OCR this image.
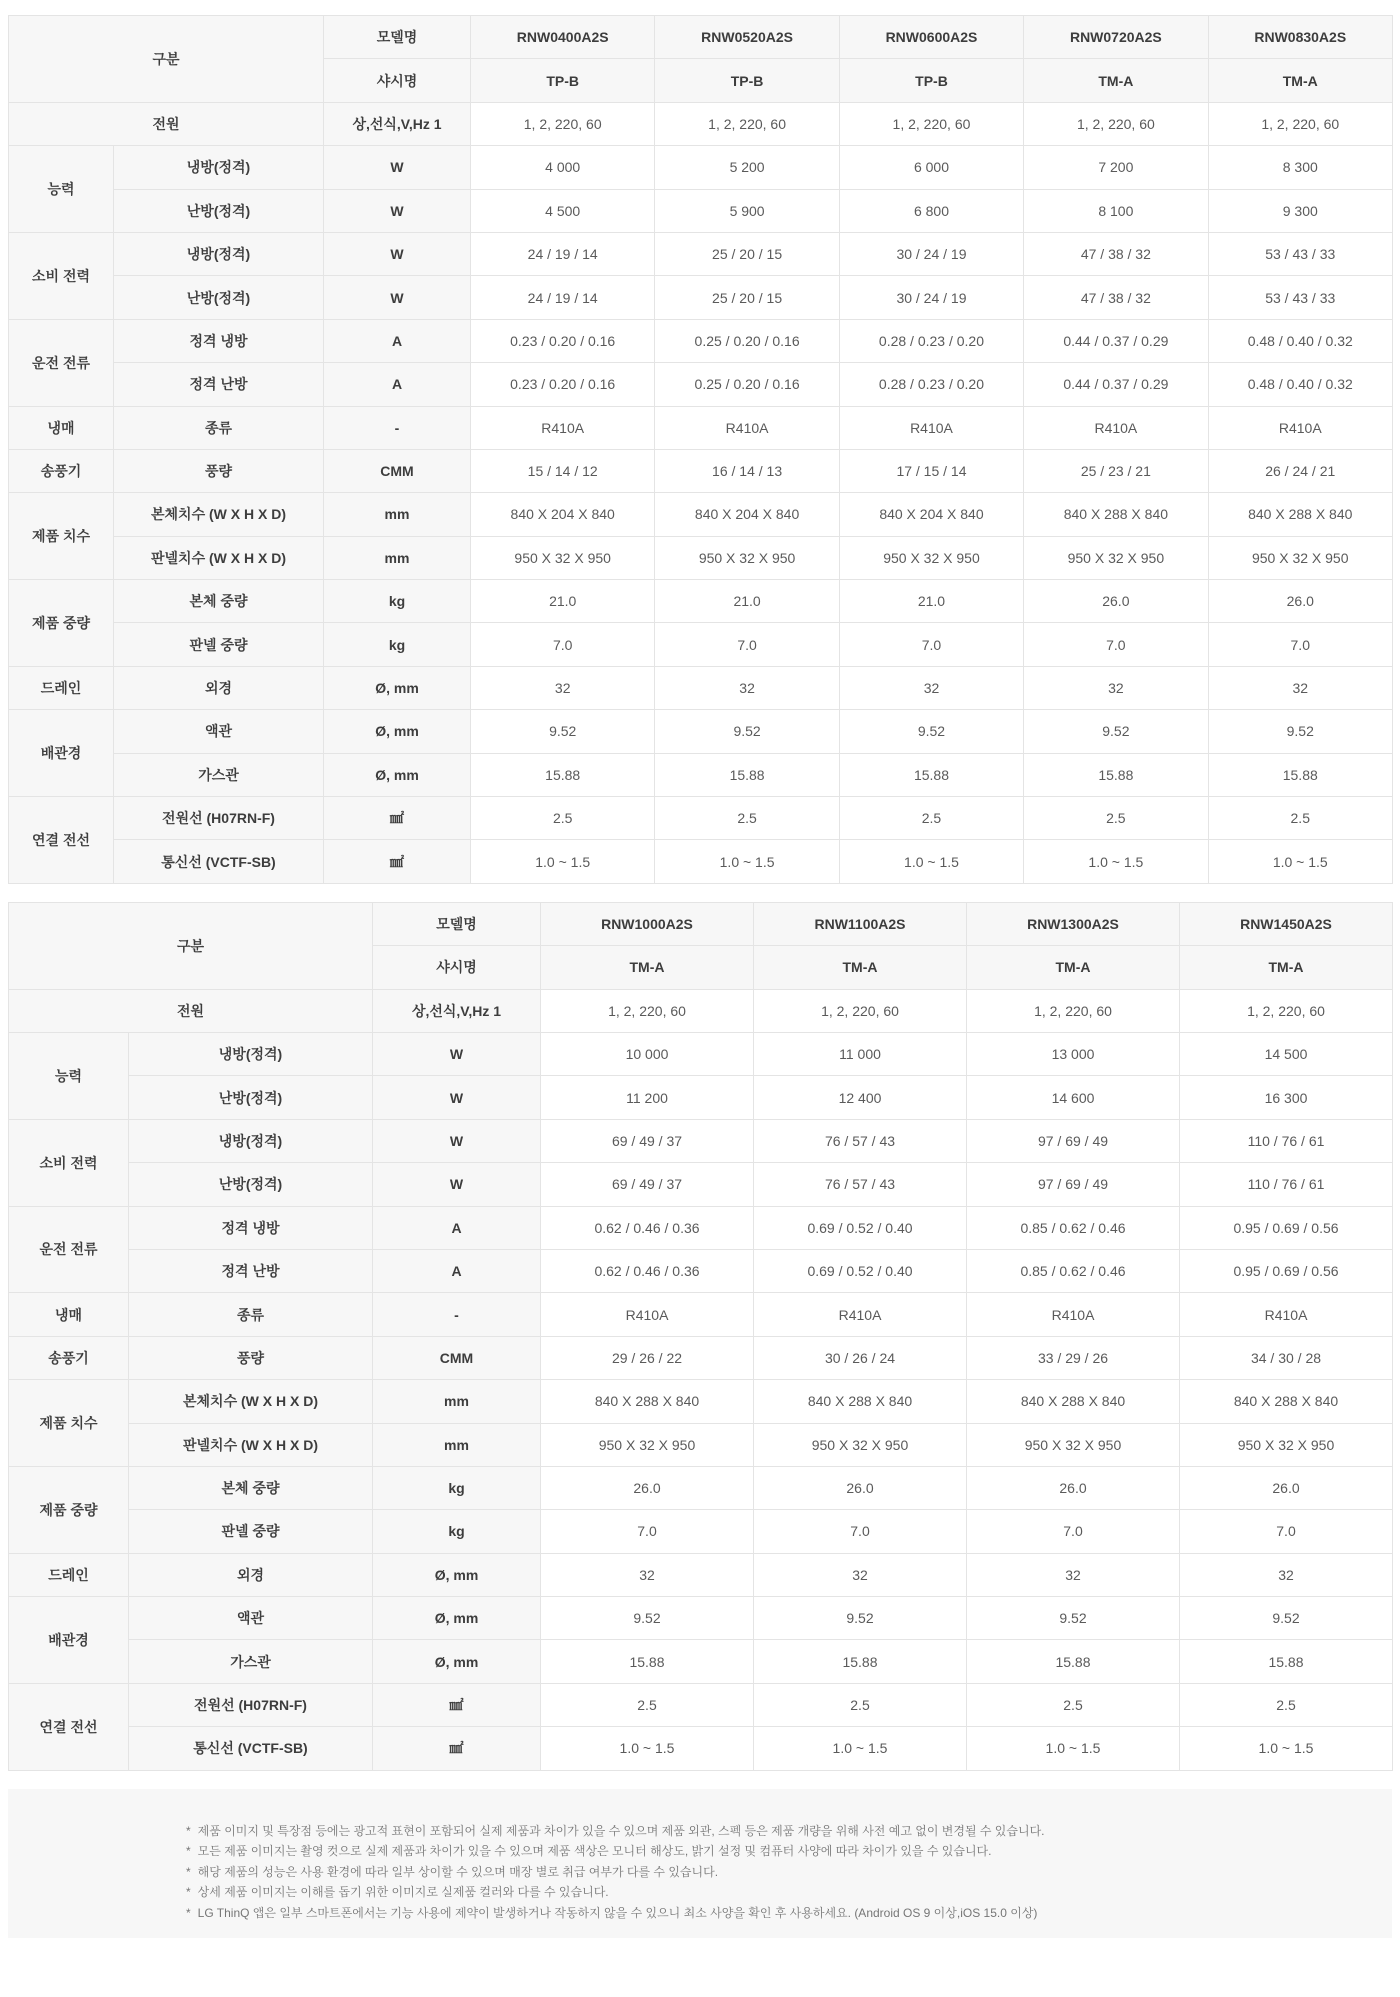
구분		모델명	RNW0400A2S	RNW0520A2S	RNW0600A2S	RNW0720A2S	RNW0830A2S
		샤시명	TP-B	TP-B	TP-B	TM-A	TM-A
전원		상,선식,V,Hz 1	1, 2, 220, 60	1, 2, 220, 60	1, 2, 220, 60	1, 2, 220, 60	1, 2, 220, 60
능력	냉방(정격)	W	4 000	5 200	6 000	7 200	8 300
	난방(정격)	W	4 500	5 900	6 800	8 100	9 300
소비 전력	냉방(정격)	W	24 / 19 / 14	25 / 20 / 15	30 / 24 / 19	47 / 38 / 32	53 / 43 / 33
	난방(정격)	W	24 / 19 / 14	25 / 20 / 15	30 / 24 / 19	47 / 38 / 32	53 / 43 / 33
운전 전류	정격 냉방	A	0.23 / 0.20 / 0.16	0.25 / 0.20 / 0.16	0.28 / 0.23 / 0.20	0.44 / 0.37 / 0.29	0.48 / 0.40 / 0.32
	정격 난방	A	0.23 / 0.20 / 0.16	0.25 / 0.20 / 0.16	0.28 / 0.23 / 0.20	0.44 / 0.37 / 0.29	0.48 / 0.40 / 0.32
냉매	종류	-	R410A	R410A	R410A	R410A	R410A
송풍기	풍량	CMM	15 / 14 / 12	16 / 14 / 13	17 / 15 / 14	25 / 23 / 21	26 / 24 / 21
제품 치수	본체치수 (W X H X D)	mm	840 X 204 X 840	840 X 204 X 840	840 X 204 X 840	840 X 288 X 840	840 X 288 X 840
	판넬치수 (W X H X D)	mm	950 X 32 X 950	950 X 32 X 950	950 X 32 X 950	950 X 32 X 950	950 X 32 X 950
제품 중량	본체 중량	kg	21.0	21.0	21.0	26.0	26.0
	판넬 중량	kg	7.0	7.0	7.0	7.0	7.0
드레인	외경	Ø, mm	32	32	32	32	32
배관경	액관	Ø, mm	9.52	9.52	9.52	9.52	9.52
	가스관	Ø, mm	15.88	15.88	15.88	15.88	15.88
연결 전선	전원선 (H07RN-F)	㎟	2.5	2.5	2.5	2.5	2.5
	통신선 (VCTF-SB)	㎟	1.0 ~ 1.5	1.0 ~ 1.5	1.0 ~ 1.5	1.0 ~ 1.5	1.0 ~ 1.5
구분		모델명	RNW1000A2S	RNW1100A2S	RNW1300A2S	RNW1450A2S
		샤시명	TM-A	TM-A	TM-A	TM-A
전원		상,선식,V,Hz 1	1, 2, 220, 60	1, 2, 220, 60	1, 2, 220, 60	1, 2, 220, 60
능력	냉방(정격)	W	10 000	11 000	13 000	14 500
	난방(정격)	W	11 200	12 400	14 600	16 300
소비 전력	냉방(정격)	W	69 / 49 / 37	76 / 57 / 43	97 / 69 / 49	110 / 76 / 61
	난방(정격)	W	69 / 49 / 37	76 / 57 / 43	97 / 69 / 49	110 / 76 / 61
운전 전류	정격 냉방	A	0.62 / 0.46 / 0.36	0.69 / 0.52 / 0.40	0.85 / 0.62 / 0.46	0.95 / 0.69 / 0.56
	정격 난방	A	0.62 / 0.46 / 0.36	0.69 / 0.52 / 0.40	0.85 / 0.62 / 0.46	0.95 / 0.69 / 0.56
냉매	종류	-	R410A	R410A	R410A	R410A
송풍기	풍량	CMM	29 / 26 / 22	30 / 26 / 24	33 / 29 / 26	34 / 30 / 28
제품 치수	본체치수 (W X H X D)	mm	840 X 288 X 840	840 X 288 X 840	840 X 288 X 840	840 X 288 X 840
	판넬치수 (W X H X D)	mm	950 X 32 X 950	950 X 32 X 950	950 X 32 X 950	950 X 32 X 950
제품 중량	본체 중량	kg	26.0	26.0	26.0	26.0
	판넬 중량	kg	7.0	7.0	7.0	7.0
드레인	외경	Ø, mm	32	32	32	32
배관경	액관	Ø, mm	9.52	9.52	9.52	9.52
	가스관	Ø, mm	15.88	15.88	15.88	15.88
연결 전선	전원선 (H07RN-F)	㎟	2.5	2.5	2.5	2.5
	통신선 (VCTF-SB)	㎟	1.0 ~ 1.5	1.0 ~ 1.5	1.0 ~ 1.5	1.0 ~ 1.5
* 제품 이미지 및 특장점 등에는 광고적 표현이 포함되어 실제 제품과 차이가 있을 수 있으며 제품 외관, 스펙 등은 제품 개량을 위해 사전 예고 없이 변경될 수 있습니다.
* 모든 제품 이미지는 촬영 컷으로 실제 제품과 차이가 있을 수 있으며 제품 색상은 모니터 해상도, 밝기 설정 및 컴퓨터 사양에 따라 차이가 있을 수 있습니다.
* 해당 제품의 성능은 사용 환경에 따라 일부 상이할 수 있으며 매장 별로 취급 여부가 다를 수 있습니다.
* 상세 제품 이미지는 이해를 돕기 위한 이미지로 실제품 컬러와 다를 수 있습니다.
* LG ThinQ 앱은 일부 스마트폰에서는 기능 사용에 제약이 발생하거나 작동하지 않을 수 있으니 최소 사양을 확인 후 사용하세요. (Android OS 9 이상,iOS 15.0 이상)
